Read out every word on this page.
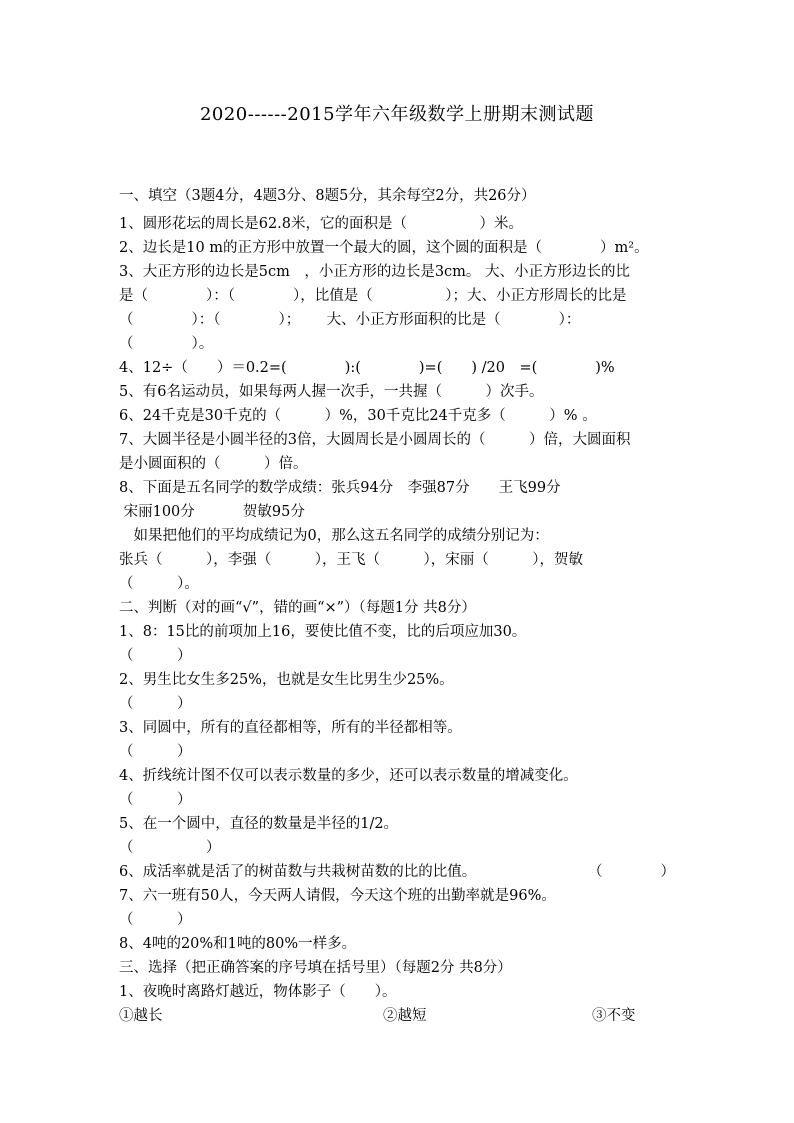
2020------2015学年六年级数学上册期末测试题
一、填空（3题4分，4题3分、8题5分，其余每空2分，共26分）
1、圆形花坛的周长是62.8米，它的面积是（　　　　　）米。
2、边长是10 m的正方形中放置一个最大的圆，这个圆的面积是（　　　　）m²。
3、大正方形的边长是5cm　，小正方形的边长是3cm。 大、小正方形边长的比
是（　　　　）：（　　　　），比值是（　　　　　）；大、小正方形周长的比是
（　　　　）：（　　　　）；　　 大、小正方形面积的比是（　　　　）：
（　　　　）。
4、12÷（　　）＝0.2=(　　　　):(　　　　)=(　　) /20　=(　　　　)%
5、有6名运动员，如果每两人握一次手，一共握（　　　）次手。
6、24千克是30千克的（　　　）%，30千克比24千克多（　　　）% 。
7、大圆半径是小圆半径的3倍，大圆周长是小圆周长的（　　　）倍，大圆面积
是小圆面积的（　　　）倍。
8、下面是五名同学的数学成绩：张兵94分　李强87分　　王飞99分
宋丽100分　　　 贺敏95分
　如果把他们的平均成绩记为0，那么这五名同学的成绩分别记为：
张兵（　　　），李强（　　　），王飞（　　　），宋丽（　　　），贺敏
（　　　）。
二、判断（对的画“√”，错的画“×”）（每题1分 共8分）
1、8：15比的前项加上16，要使比值不变，比的后项应加30。
（　　　）
2、男生比女生多25%，也就是女生比男生少25%。
（　　　）
3、同圆中，所有的直径都相等，所有的半径都相等。
（　　　）
4、折线统计图不仅可以表示数量的多少，还可以表示数量的增减变化。
（　　　）
5、在一个圆中，直径的数量是半径的1/2。
（　　　　　）
6、成活率就是活了的树苗数与共栽树苗数的比的比值。	（　　　　）
7、六一班有50人，今天两人请假，今天这个班的出勤率就是96%。
（　　　）
8、4吨的20%和1吨的80%一样多。
三、选择（把正确答案的序号填在括号里）（每题2分 共8分）
1、夜晚时离路灯越近，物体影子（　　）。
①越长	②越短	③不变
